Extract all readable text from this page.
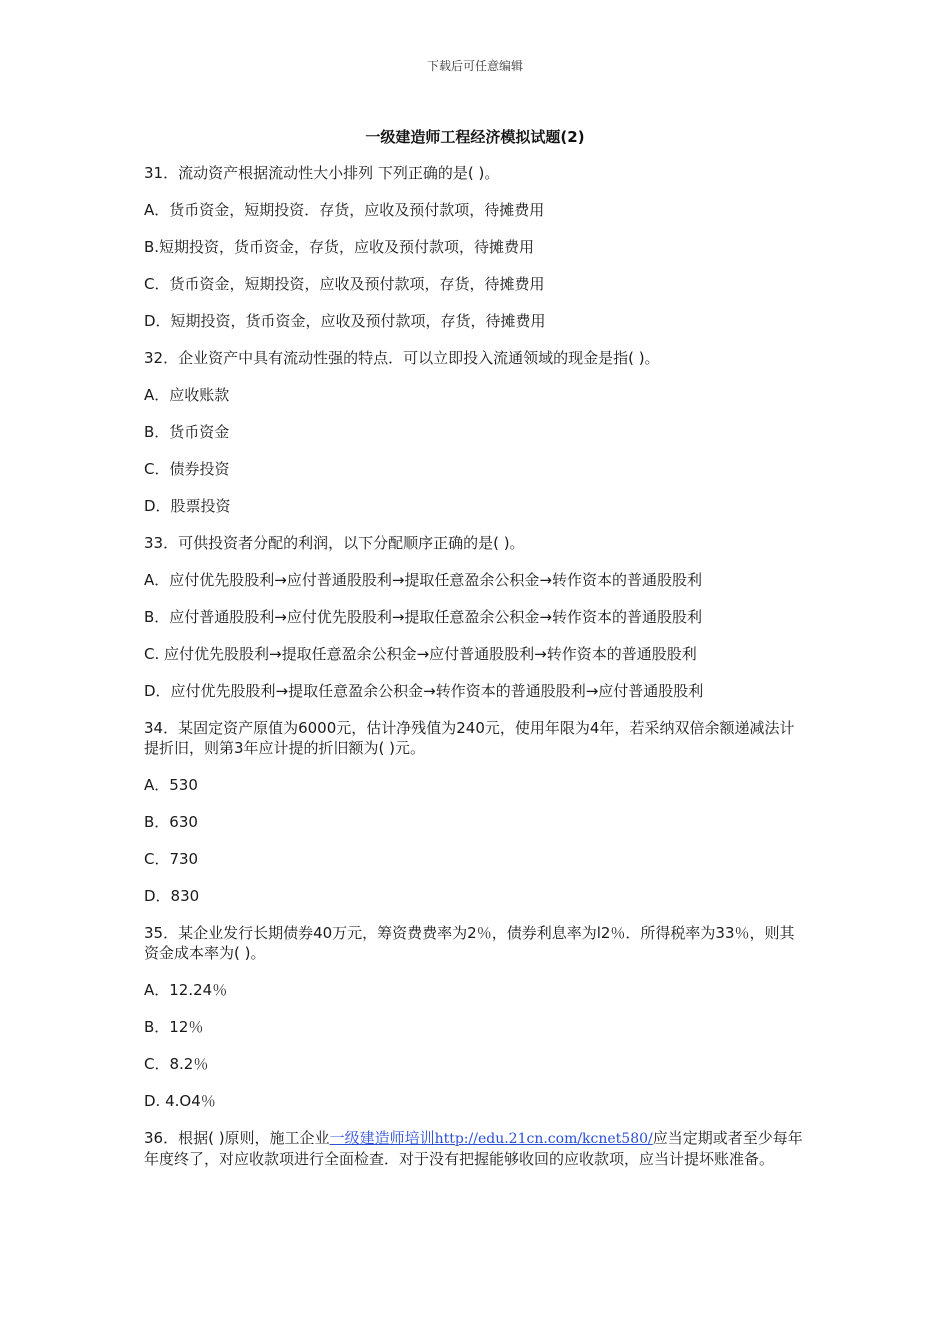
下载后可任意编辑
一级建造师工程经济模拟试题(2)

31．流动资产根据流动性大小排列 下列正确的是( )。

A．货币资金，短期投资．存货，应收及预付款项，待摊费用

B.短期投资，货币资金，存货，应收及预付款项，待摊费用

C．货币资金，短期投资，应收及预付款项，存货，待摊费用

D．短期投资，货币资金，应收及预付款项，存货，待摊费用

32．企业资产中具有流动性强的特点．可以立即投入流通领域的现金是指( )。

A．应收账款

B．货币资金

C．债券投资

D．股票投资

33．可供投资者分配的利润，以下分配顺序正确的是( )。

A．应付优先股股利→应付普通股股利→提取任意盈余公积金→转作资本的普通股股利

B．应付普通股股利→应付优先股股利→提取任意盈余公积金→转作资本的普通股股利

C. 应付优先股股利→提取任意盈余公积金→应付普通股股利→转作资本的普通股股利

D．应付优先股股利→提取任意盈余公积金→转作资本的普通股股利→应付普通股股利

34．某固定资产原值为6000元，估计净残值为240元，使用年限为4年，若采纳双倍余额递减法计提折旧，则第3年应计提的折旧额为( )元。

A．530

B．630

C．730

D．830

35．某企业发行长期债券40万元，筹资费费率为2％，债券利息率为l2％．所得税率为33％，则其资金成本率为( )。

A．12.24％

B．12％

C．8.2％

D. 4.O4％

36．根据( )原则，施工企业一级建造师培训http://edu.21cn.com/kcnet580/应当定期或者至少每年年度终了，对应收款项进行全面检查．对于没有把握能够收回的应收款项，应当计提坏账准备。
